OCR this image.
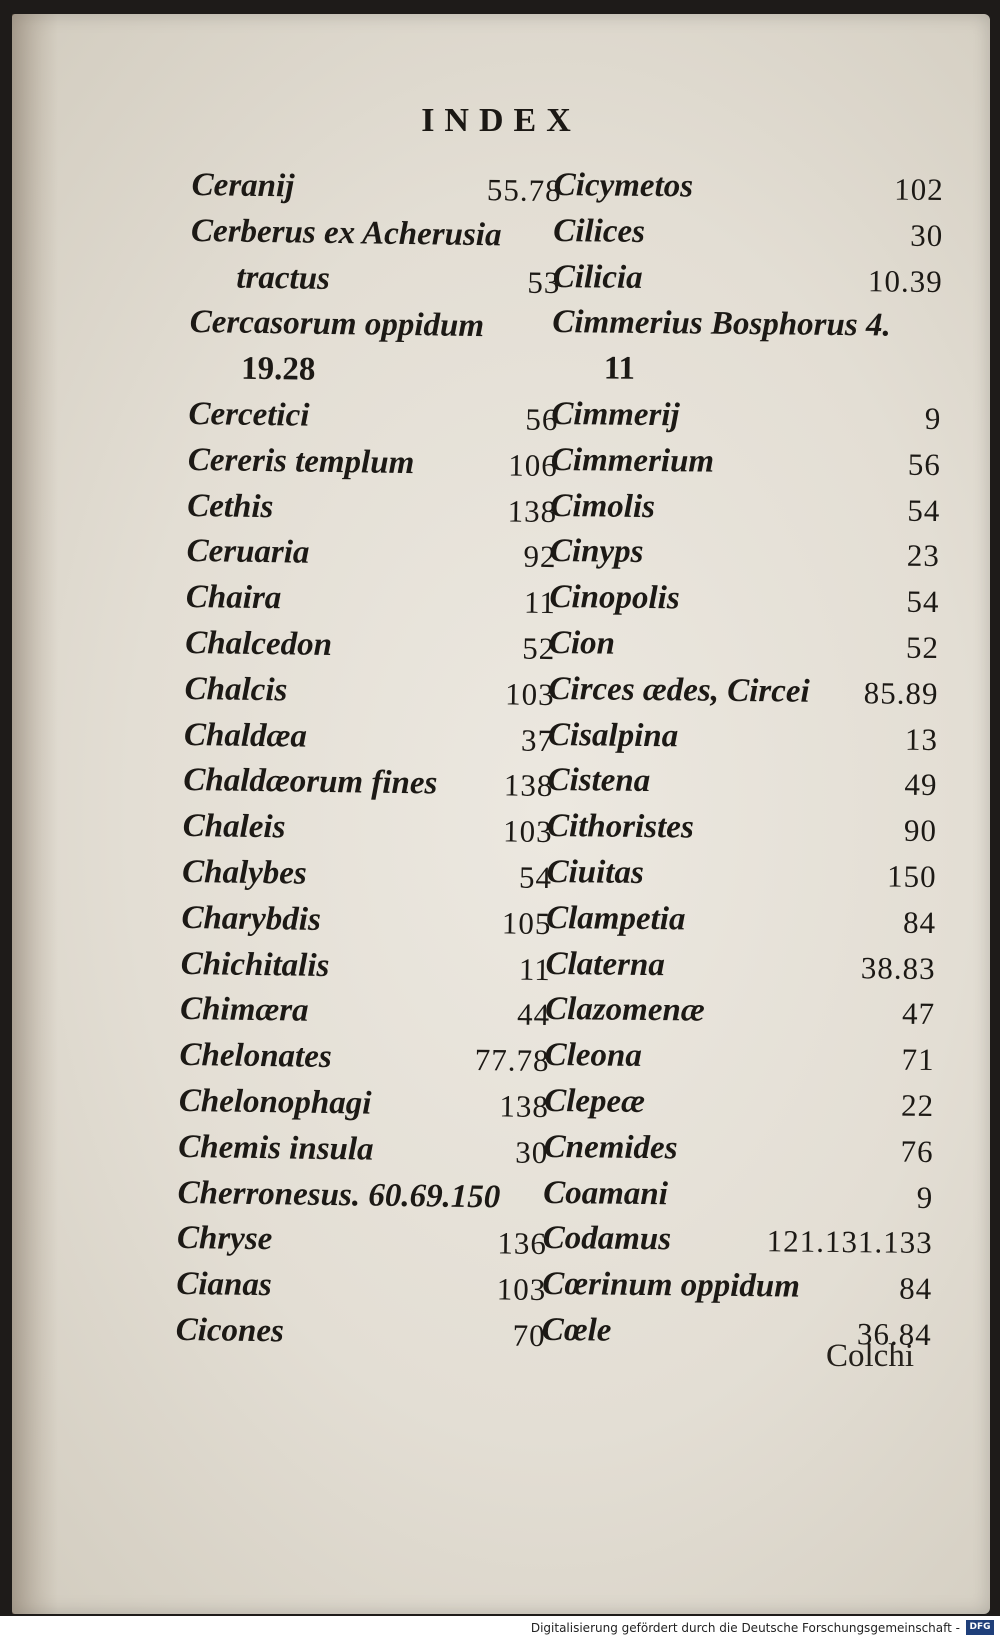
INDEX
Ceranij	55.78
Cerberus ex Acherusia
tractus	53
Cercasorum oppidum
19.28
Cercetici	56
Cereris templum	106
Cethis	138
Ceruaria	92
Chaira	11
Chalcedon	52
Chalcis	103
Chaldæa	37
Chaldæorum fines 138
Chaleis	103
Chalybes	54
Charybdis	105
Chichitalis	11
Chimæra	44
Chelonates	77.78
Chelonophagi	138
Chemis insula	30
Cherronesus. 60.69.150
Chryse	136
Cianas	103
Cicones	70
Cicymetos	102
Cilices	30
Cilicia	10.39
Cimmerius Bosphorus 4.
11
Cimmerij	9
Cimmerium	56
Cimolis	54
Cinyps	23
Cinopolis	54
Cion	52
Circes ædes, Circei 85.89
Cisalpina	13
Cistena	49
Cithoristes	90
Ciuitas	150
Clampetia	84
Claterna	38.83
Clazomenæ	47
Cleona	71
Clepeæ	22
Cnemides	76
Coamani	9
Codamus	121.131.133
Cœrinum oppidum	84
Cœle	36.84
Colchi
Digitalisierung gefördert durch die Deutsche Forschungsgemeinschaft -	DFG
